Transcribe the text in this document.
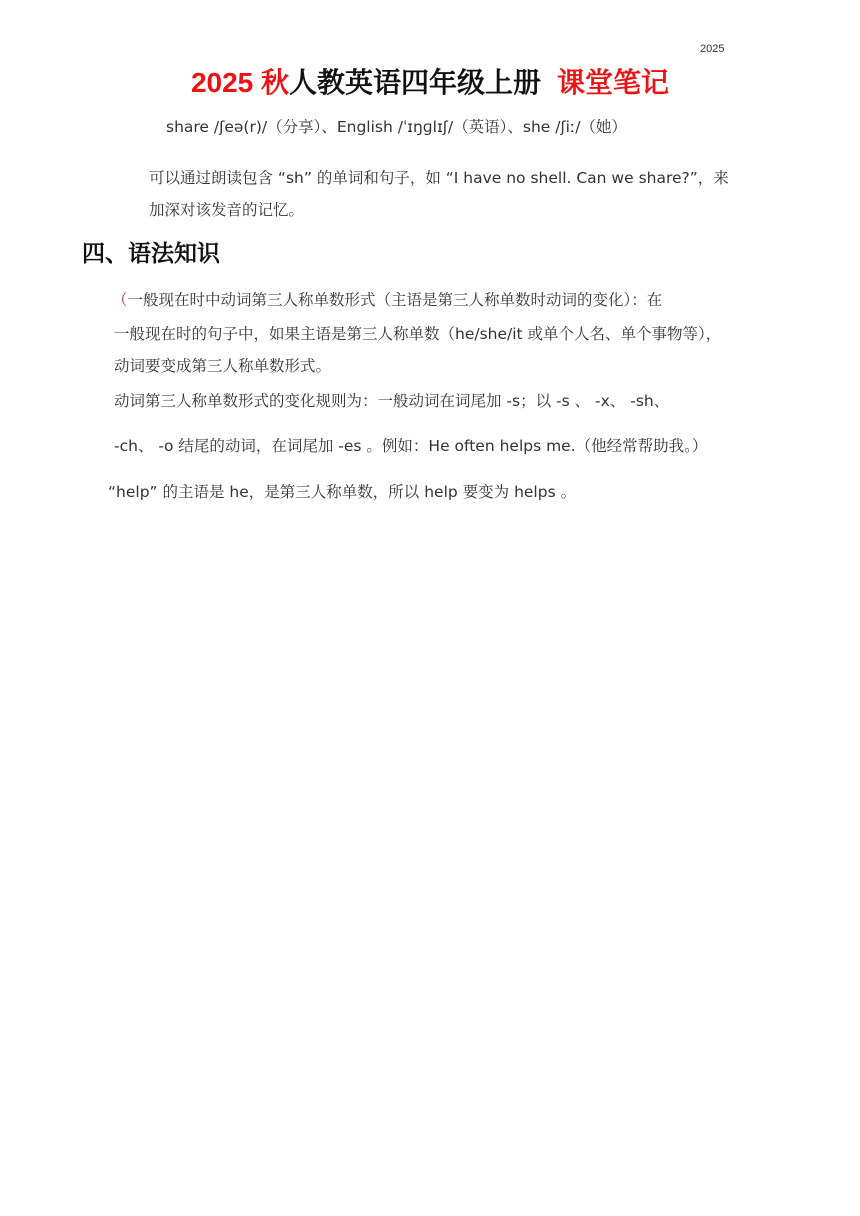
2025
2025 秋人教英语四年级上册 课堂笔记
share /ʃeə(r)/（分享）、English /ˈɪŋɡlɪʃ/（英语）、she /ʃiː/（她）
可以通过朗读包含 “sh” 的单词和句子，如 “I have no shell. Can we share?”，来
加深对该发音的记忆。
四、语法知识
（一般现在时中动词第三人称单数形式（主语是第三人称单数时动词的变化）：在
一般现在时的句子中，如果主语是第三人称单数（he/she/it 或单个人名、单个事物等），
动词要变成第三人称单数形式。
动词第三人称单数形式的变化规则为：一般动词在词尾加 -s；以 -s 、 -x、 -sh、
-ch、 -o 结尾的动词，在词尾加 -es 。例如：He often helps me.（他经常帮助我。）
“help” 的主语是 he，是第三人称单数，所以 help 要变为 helps 。
